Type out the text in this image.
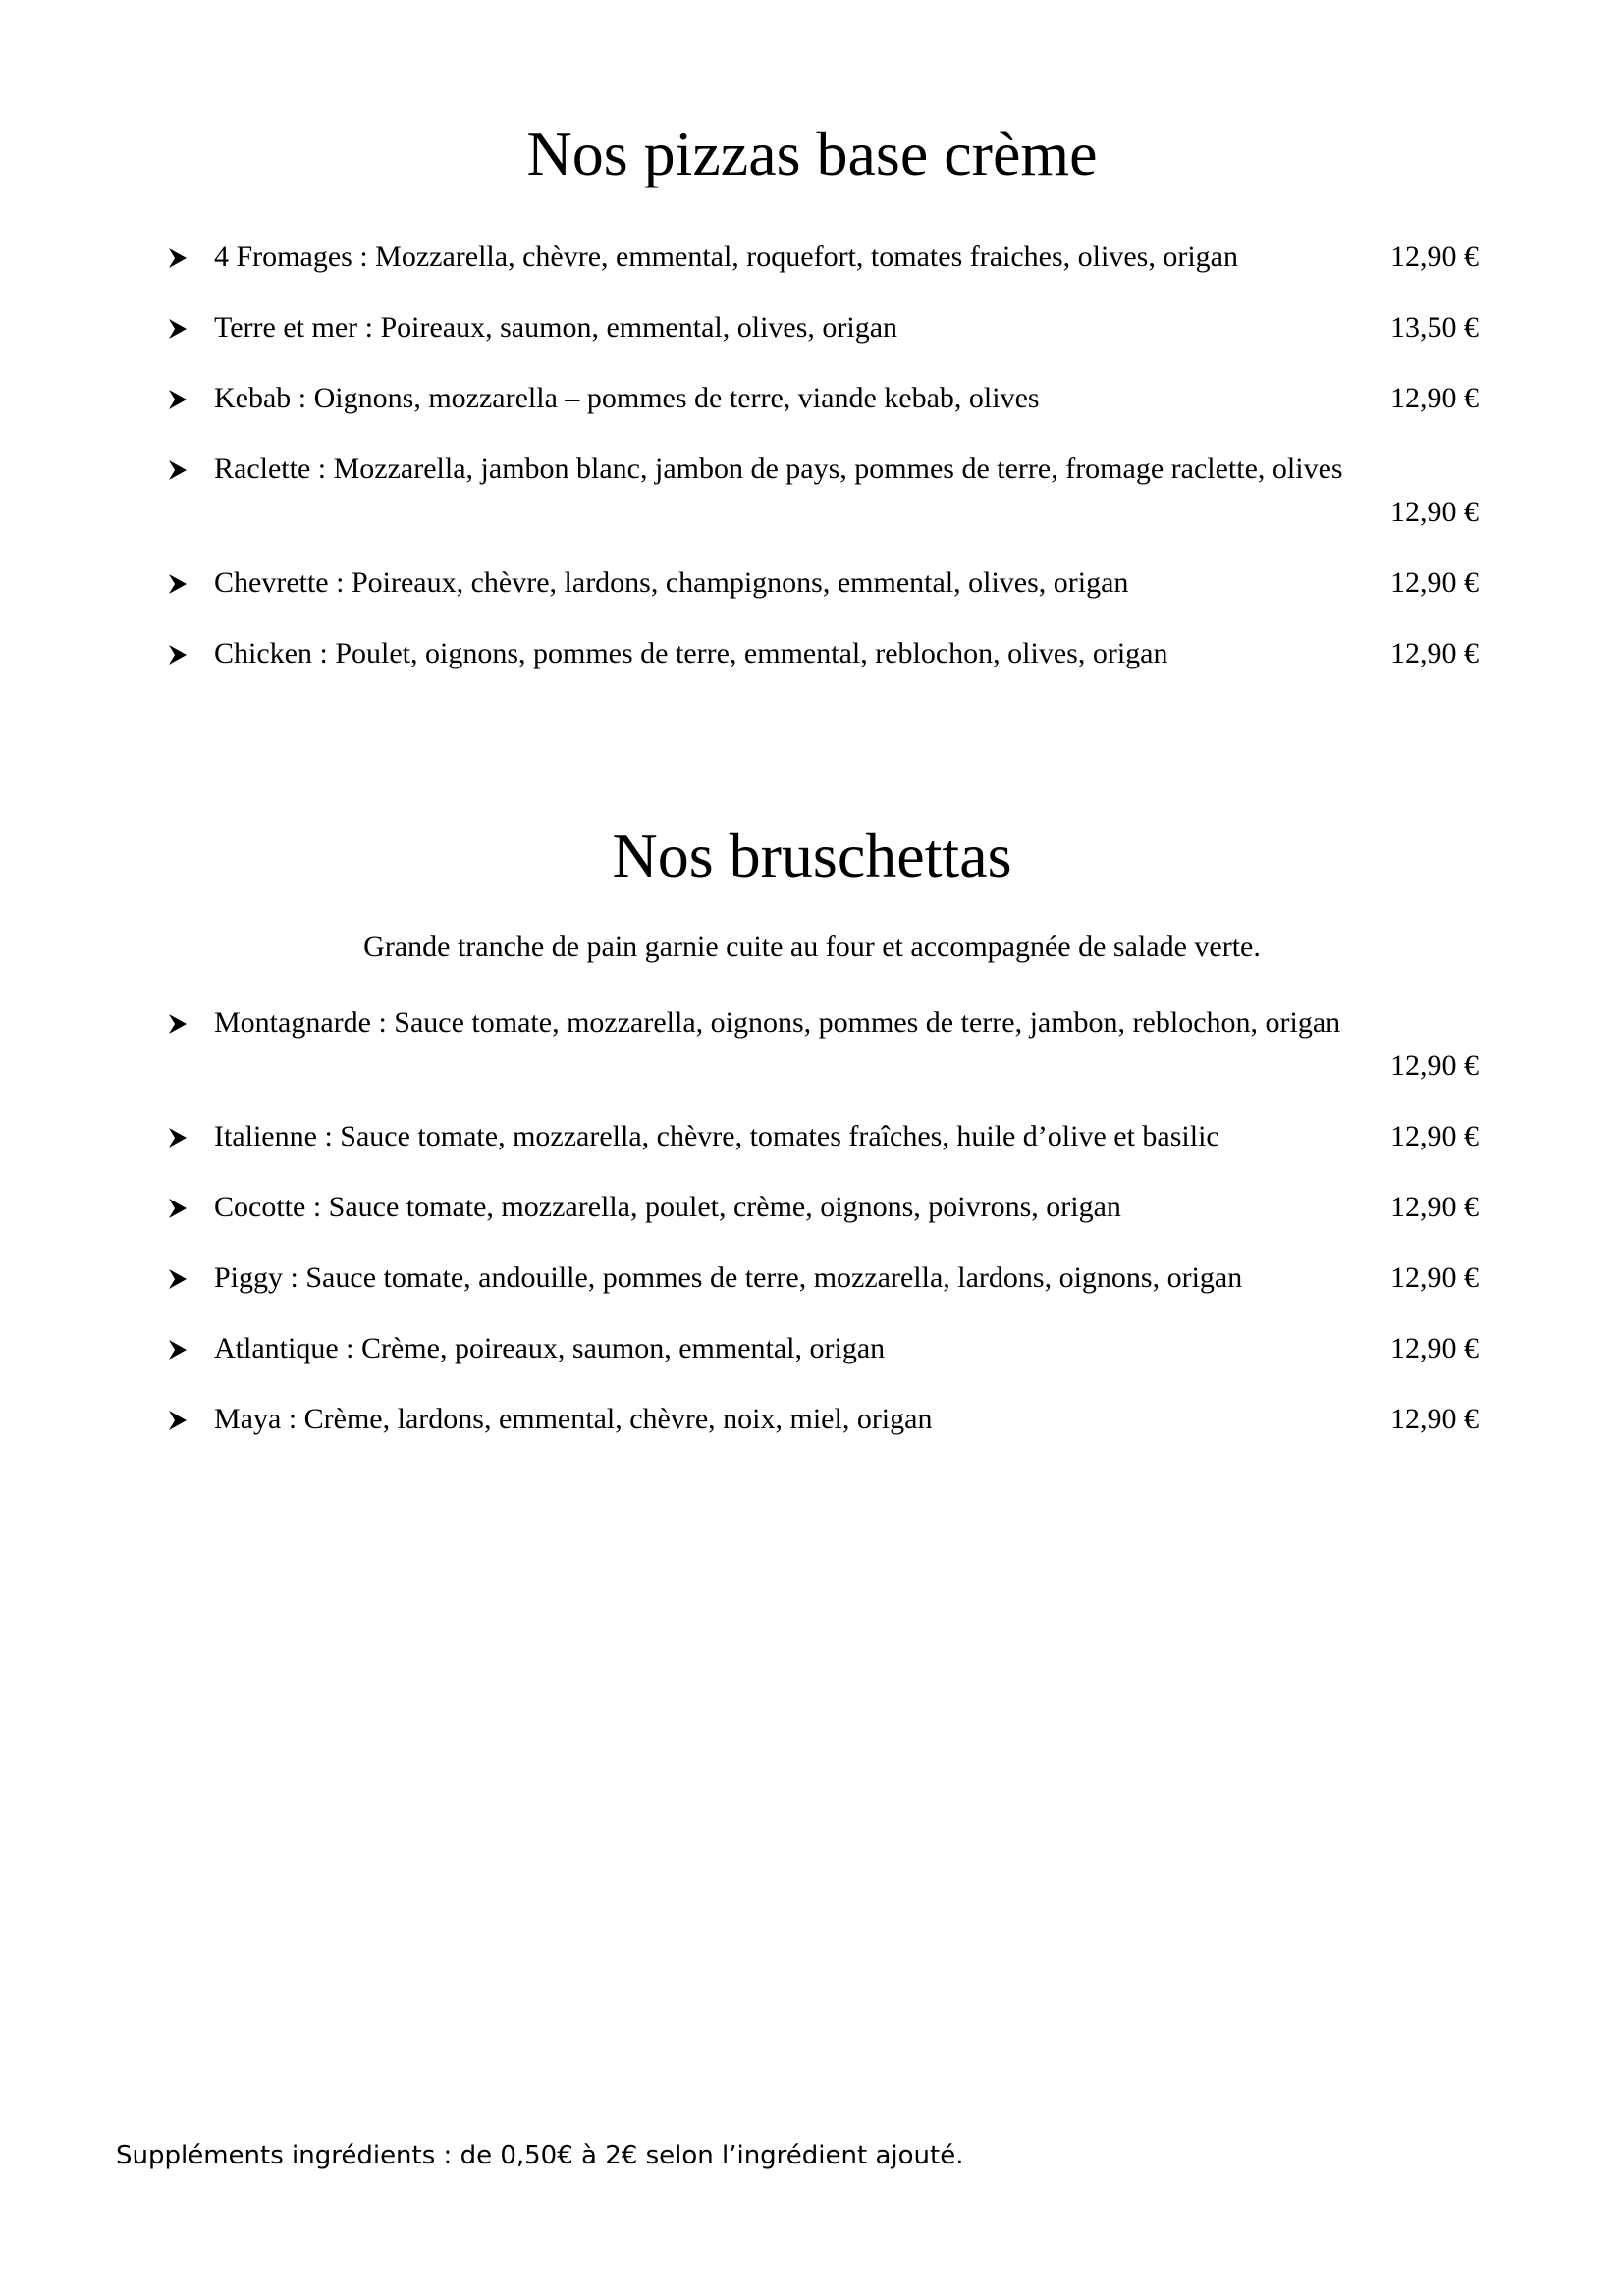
Nos pizzas base crème
4 Fromages : Mozzarella, chèvre, emmental, roquefort, tomates fraiches, olives, origan	12,90 €
Terre et mer : Poireaux, saumon, emmental, olives, origan	13,50 €
Kebab : Oignons, mozzarella – pommes de terre, viande kebab, olives	12,90 €
Raclette : Mozzarella, jambon blanc, jambon de pays, pommes de terre, fromage raclette, olives
12,90 €
Chevrette : Poireaux, chèvre, lardons, champignons, emmental, olives, origan	12,90 €
Chicken : Poulet, oignons, pommes de terre, emmental, reblochon, olives, origan	12,90 €
Nos bruschettas
Grande tranche de pain garnie cuite au four et accompagnée de salade verte.
Montagnarde : Sauce tomate, mozzarella, oignons, pommes de terre, jambon, reblochon, origan
12,90 €
Italienne : Sauce tomate, mozzarella, chèvre, tomates fraîches, huile d’olive et basilic	12,90 €
Cocotte : Sauce tomate, mozzarella, poulet, crème, oignons, poivrons, origan	12,90 €
Piggy : Sauce tomate, andouille, pommes de terre, mozzarella, lardons, oignons, origan	12,90 €
Atlantique : Crème, poireaux, saumon, emmental, origan	12,90 €
Maya : Crème, lardons, emmental, chèvre, noix, miel, origan	12,90 €
Suppléments ingrédients : de 0,50€ à 2€ selon l’ingrédient ajouté.
